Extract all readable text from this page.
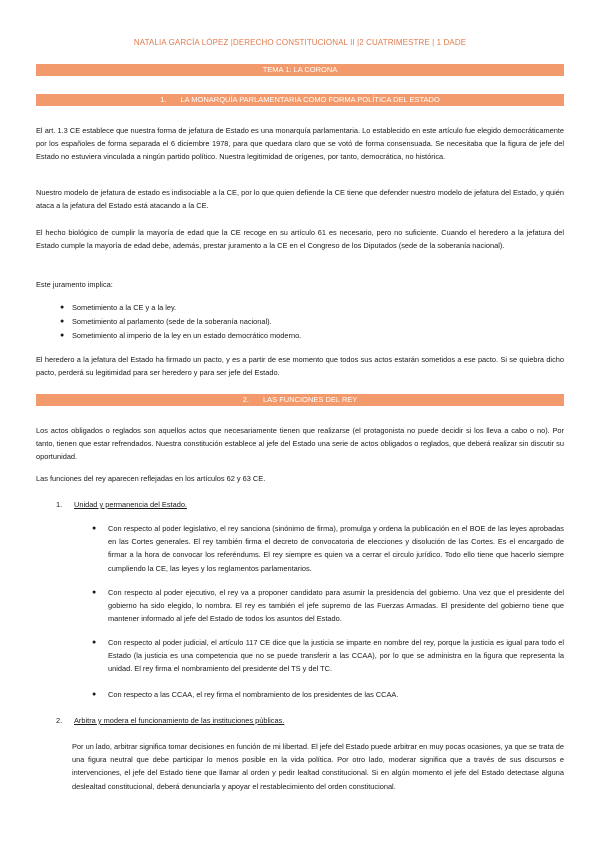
NATALIA GARCÍA LÓPEZ |DERECHO CONSTITUCIONAL II |2 CUATRIMESTRE | 1 DADE
TEMA 1: LA CORONA
1. LA MONARQUÍA PARLAMENTARIA COMO FORMA POLÍTICA DEL ESTADO

El art. 1.3 CE establece que nuestra forma de jefatura de Estado es una monarquía parlamentaria. Lo establecido en este artículo fue elegido democráticamente por los españoles de forma separada el 6 diciembre 1978, para que quedara claro que se votó de forma consensuada. Se necesitaba que la figura de jefe del Estado no estuviera vinculada a ningún partido político. Nuestra legitimidad de orígenes, por tanto, democrática, no histórica.

Nuestro modelo de jefatura de estado es indisociable a la CE, por lo que quien defiende la CE tiene que defender nuestro modelo de jefatura del Estado, y quién ataca a la jefatura del Estado está atacando a la CE.

El hecho biológico de cumplir la mayoría de edad que la CE recoge en su artículo 61 es necesario, pero no suficiente. Cuando el heredero a la jefatura del Estado cumple la mayoría de edad debe, además, prestar juramento a la CE en el Congreso de los Diputados (sede de la soberanía nacional).

Este juramento implica:

● Sometimiento a la CE y a la ley.
● Sometimiento al parlamento (sede de la soberanía nacional).
● Sometimiento al imperio de la ley en un estado democrático moderno.

El heredero a la jefatura del Estado ha firmado un pacto, y es a partir de ese momento que todos sus actos estarán sometidos a ese pacto. Si se quiebra dicho pacto, perderá su legitimidad para ser heredero y para ser jefe del Estado.

2. LAS FUNCIONES DEL REY

Los actos obligados o reglados son aquellos actos que necesariamente tienen que realizarse (el protagonista no puede decidir si los lleva a cabo o no). Por tanto, tienen que estar refrendados. Nuestra constitución establece al jefe del Estado una serie de actos obligados o reglados, que deberá realizar sin discutir su oportunidad.

Las funciones del rey aparecen reflejadas en los artículos 62 y 63 CE.

1.	Unidad y permanencia del Estado.
● Con respecto al poder legislativo, el rey sanciona (sinónimo de firma), promulga y ordena la publicación en el BOE de las leyes aprobadas en las Cortes generales. El rey también firma el decreto de convocatoria de elecciones y disolución de las Cortes. Es el encargado de firmar a la hora de convocar los referéndums. El rey siempre es quien va a cerrar el circulo jurídico. Todo ello tiene que hacerlo siempre cumpliendo la CE, las leyes y los reglamentos parlamentarios.
● Con respecto al poder ejecutivo, el rey va a proponer candidato para asumir la presidencia del gobierno. Una vez que el presidente del gobierno ha sido elegido, lo nombra. El rey es también el jefe supremo de las Fuerzas Armadas. El presidente del gobierno tiene que mantener informado al jefe del Estado de todos los asuntos del Estado.
● Con respecto al poder judicial, el artículo 117 CE dice que la justicia se imparte en nombre del rey, porque la justicia es igual para todo el Estado (la justicia es una competencia que no se puede transferir a las CCAA), por lo que se administra en la figura que representa la unidad. El rey firma el nombramiento del presidente del TS y del TC.
● Con respecto a las CCAA, el rey firma el nombramiento de los presidentes de las CCAA.
2.	Arbitra y modera el funcionamiento de las instituciones públicas.

Por un lado, arbitrar significa tomar decisiones en función de mi libertad. El jefe del Estado puede arbitrar en muy pocas ocasiones, ya que se trata de una figura neutral que debe participar lo menos posible en la vida política. Por otro lado, moderar significa que a través de sus discursos e intervenciones, el jefe del Estado tiene que llamar al orden y pedir lealtad constitucional. Si en algún momento el jefe del Estado detectase alguna deslealtad constitucional, deberá denunciarla y apoyar el restablecimiento del orden constitucional.
